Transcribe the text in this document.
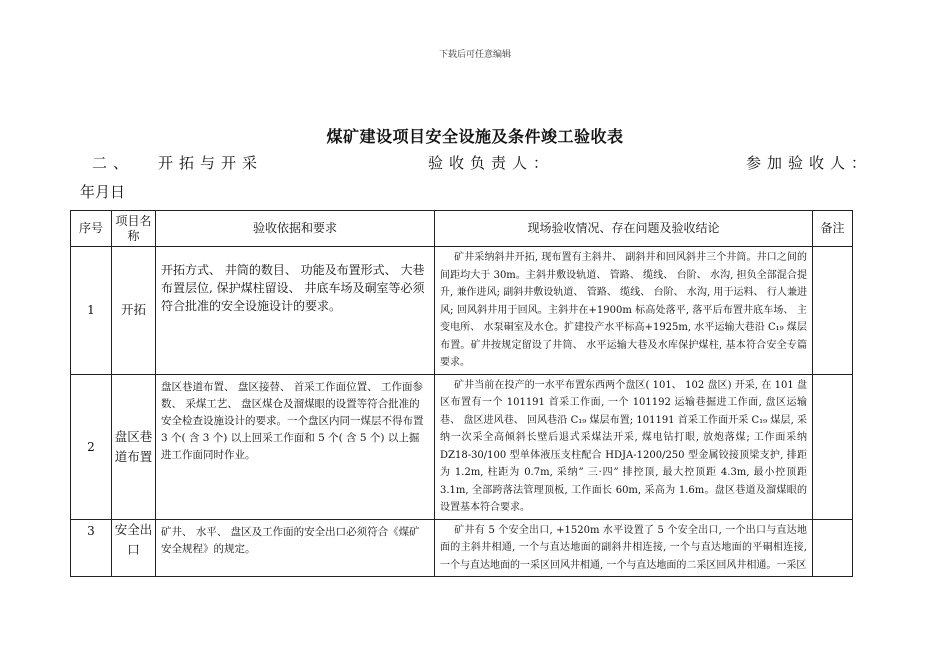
下载后可任意编辑
煤矿建设项目安全设施及条件竣工验收表
二、 开拓与开采	验收负责人：	参加验收人：
年月日
序号	项目名称	验收依据和要求	现场验收情况、存在问题及验收结论	备注
1	开拓	开拓方式、 井筒的数目、 功能及布置形式、 大巷布置层位, 保护煤柱留设、 井底车场及硐室等必须符合批准的安全设施设计的要求。	矿井采纳斜井开拓, 现布置有主斜井、 副斜井和回风斜井三个井筒。井口之间的间距均大于 30m。主斜井敷设轨道、 管路、 缆线、 台阶、 水沟, 担负全部混合提升, 兼作进风; 副斜井敷设轨道、 管路、 缆线、 台阶、 水沟, 用于运料、 行人兼进风; 回风斜井用于回风。主斜井在+1900m 标高处落平, 落平后布置井底车场、 主变电所、 水泵硐室及水仓。扩建投产水平标高+1925m, 水平运输大巷沿 C₁₉ 煤层布置。矿井按规定留设了井筒、 水平运输大巷及水库保护煤柱, 基本符合安全专篇要求。	
2	盘区巷道布置	盘区巷道布置、 盘区接替、 首采工作面位置、 工作面参数、 采煤工艺、 盘区煤仓及溜煤眼的设置等符合批准的安全检查设施设计的要求。一个盘区内同一煤层不得布置 3 个( 含 3 个) 以上回采工作面和 5 个( 含 5 个) 以上掘进工作面同时作业。	矿井当前在投产的一水平布置东西两个盘区( 101、 102 盘区) 开采, 在 101 盘区布置有一个 101191 首采工作面, 一个 101192 运输巷掘进工作面, 盘区运输巷、 盘区进风巷、 回风巷沿 C₁₉ 煤层布置; 101191 首采工作面开采 C₁₉ 煤层, 采纳一次采全高倾斜长壁后退式采煤法开采, 煤电钻打眼, 放炮落煤; 工作面采纳 DZ18-30/100 型单体液压支柱配合 HDJA-1200/250 型金属铰接顶梁支护, 排距为 1.2m, 柱距为 0.7m, 采纳” 三·四” 排控顶, 最大控顶距 4.3m, 最小控顶距 3.1m, 全部跨落法管理顶板, 工作面长 60m, 采高为 1.6m。盘区巷道及溜煤眼的设置基本符合要求。	
3	安全出口	矿井、 水平、 盘区及工作面的安全出口必须符合《煤矿安全规程》的规定。	矿井有 5 个安全出口, +1520m 水平设置了 5 个安全出口, 一个出口与直达地面的主斜井相通, 一个与直达地面的副斜井相连接, 一个与直达地面的平硐相连接, 一个与直达地面的一采区回风井相通, 一个与直达地面的二采区回风井相通。一采区	
